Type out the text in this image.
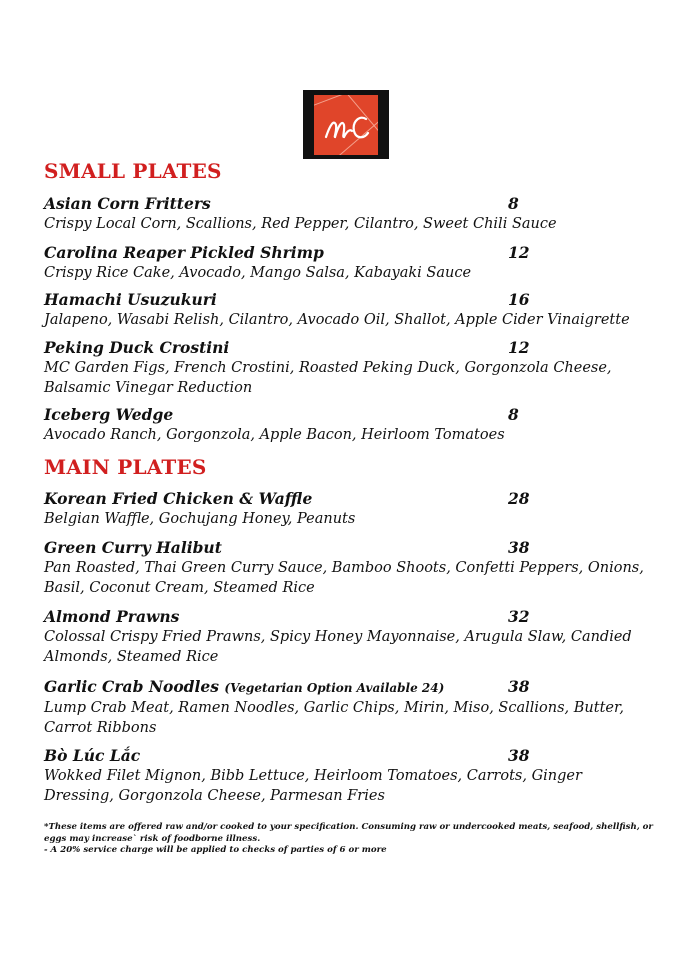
SMALL PLATES
Asian Corn Fritters	8
Crispy Local Corn, Scallions, Red Pepper, Cilantro, Sweet Chili Sauce
Carolina Reaper Pickled Shrimp	12
Crispy Rice Cake, Avocado, Mango Salsa, Kabayaki Sauce
Hamachi Usuzukuri	16
Jalapeno, Wasabi Relish, Cilantro, Avocado Oil, Shallot, Apple Cider Vinaigrette
Peking Duck Crostini	12
MC Garden Figs, French Crostini, Roasted Peking Duck, Gorgonzola Cheese, Balsamic Vinegar Reduction
Iceberg Wedge	8
Avocado Ranch, Gorgonzola, Apple Bacon, Heirloom Tomatoes
MAIN PLATES
Korean Fried Chicken & Waffle	28
Belgian Waffle, Gochujang Honey, Peanuts
Green Curry Halibut	38
Pan Roasted, Thai Green Curry Sauce, Bamboo Shoots, Confetti Peppers, Onions, Basil, Coconut Cream, Steamed Rice
Almond Prawns	32
Colossal Crispy Fried Prawns, Spicy Honey Mayonnaise, Arugula Slaw, Candied Almonds, Steamed Rice
Garlic Crab Noodles (Vegetarian Option Available 24)	38
Lump Crab Meat, Ramen Noodles, Garlic Chips, Mirin, Miso, Scallions, Butter, Carrot Ribbons
Bò Lúc Lắc	38
Wokked Filet Mignon, Bibb Lettuce, Heirloom Tomatoes, Carrots, Ginger Dressing, Gorgonzola Cheese, Parmesan Fries
*These items are offered raw and/or cooked to your specification. Consuming raw or undercooked meats, seafood, shellfish, or eggs may increase` risk of foodborne illness.
- A 20% service charge will be applied to checks of parties of 6 or more
